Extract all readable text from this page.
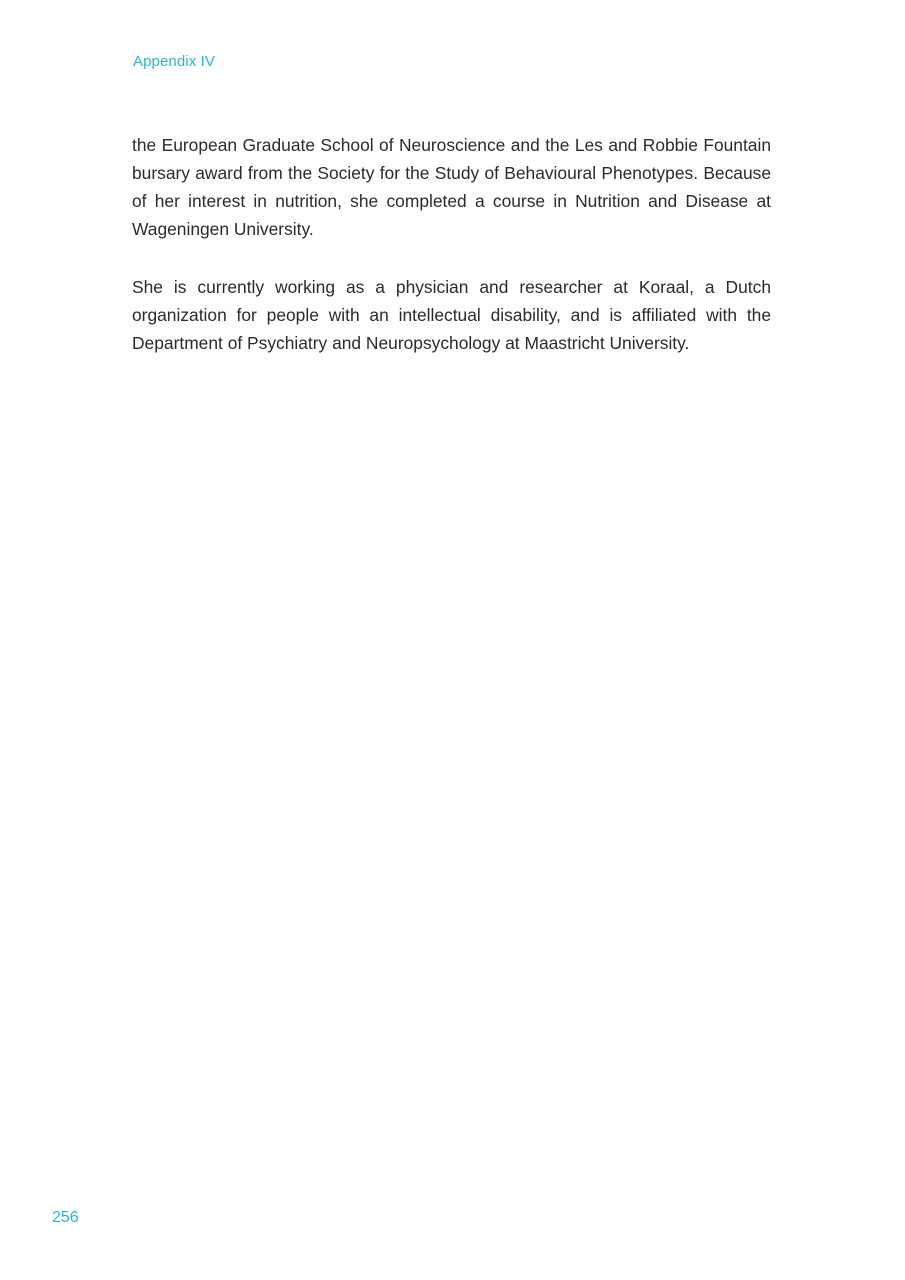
Appendix IV

the European Graduate School of Neuroscience and the Les and Robbie Fountain bursary award from the Society for the Study of Behavioural Phenotypes. Because of her interest in nutrition, she completed a course in Nutrition and Disease at Wageningen University.

She is currently working as a physician and researcher at Koraal, a Dutch organization for people with an intellectual disability, and is affiliated with the Department of Psychiatry and Neuropsychology at Maastricht University.

256
